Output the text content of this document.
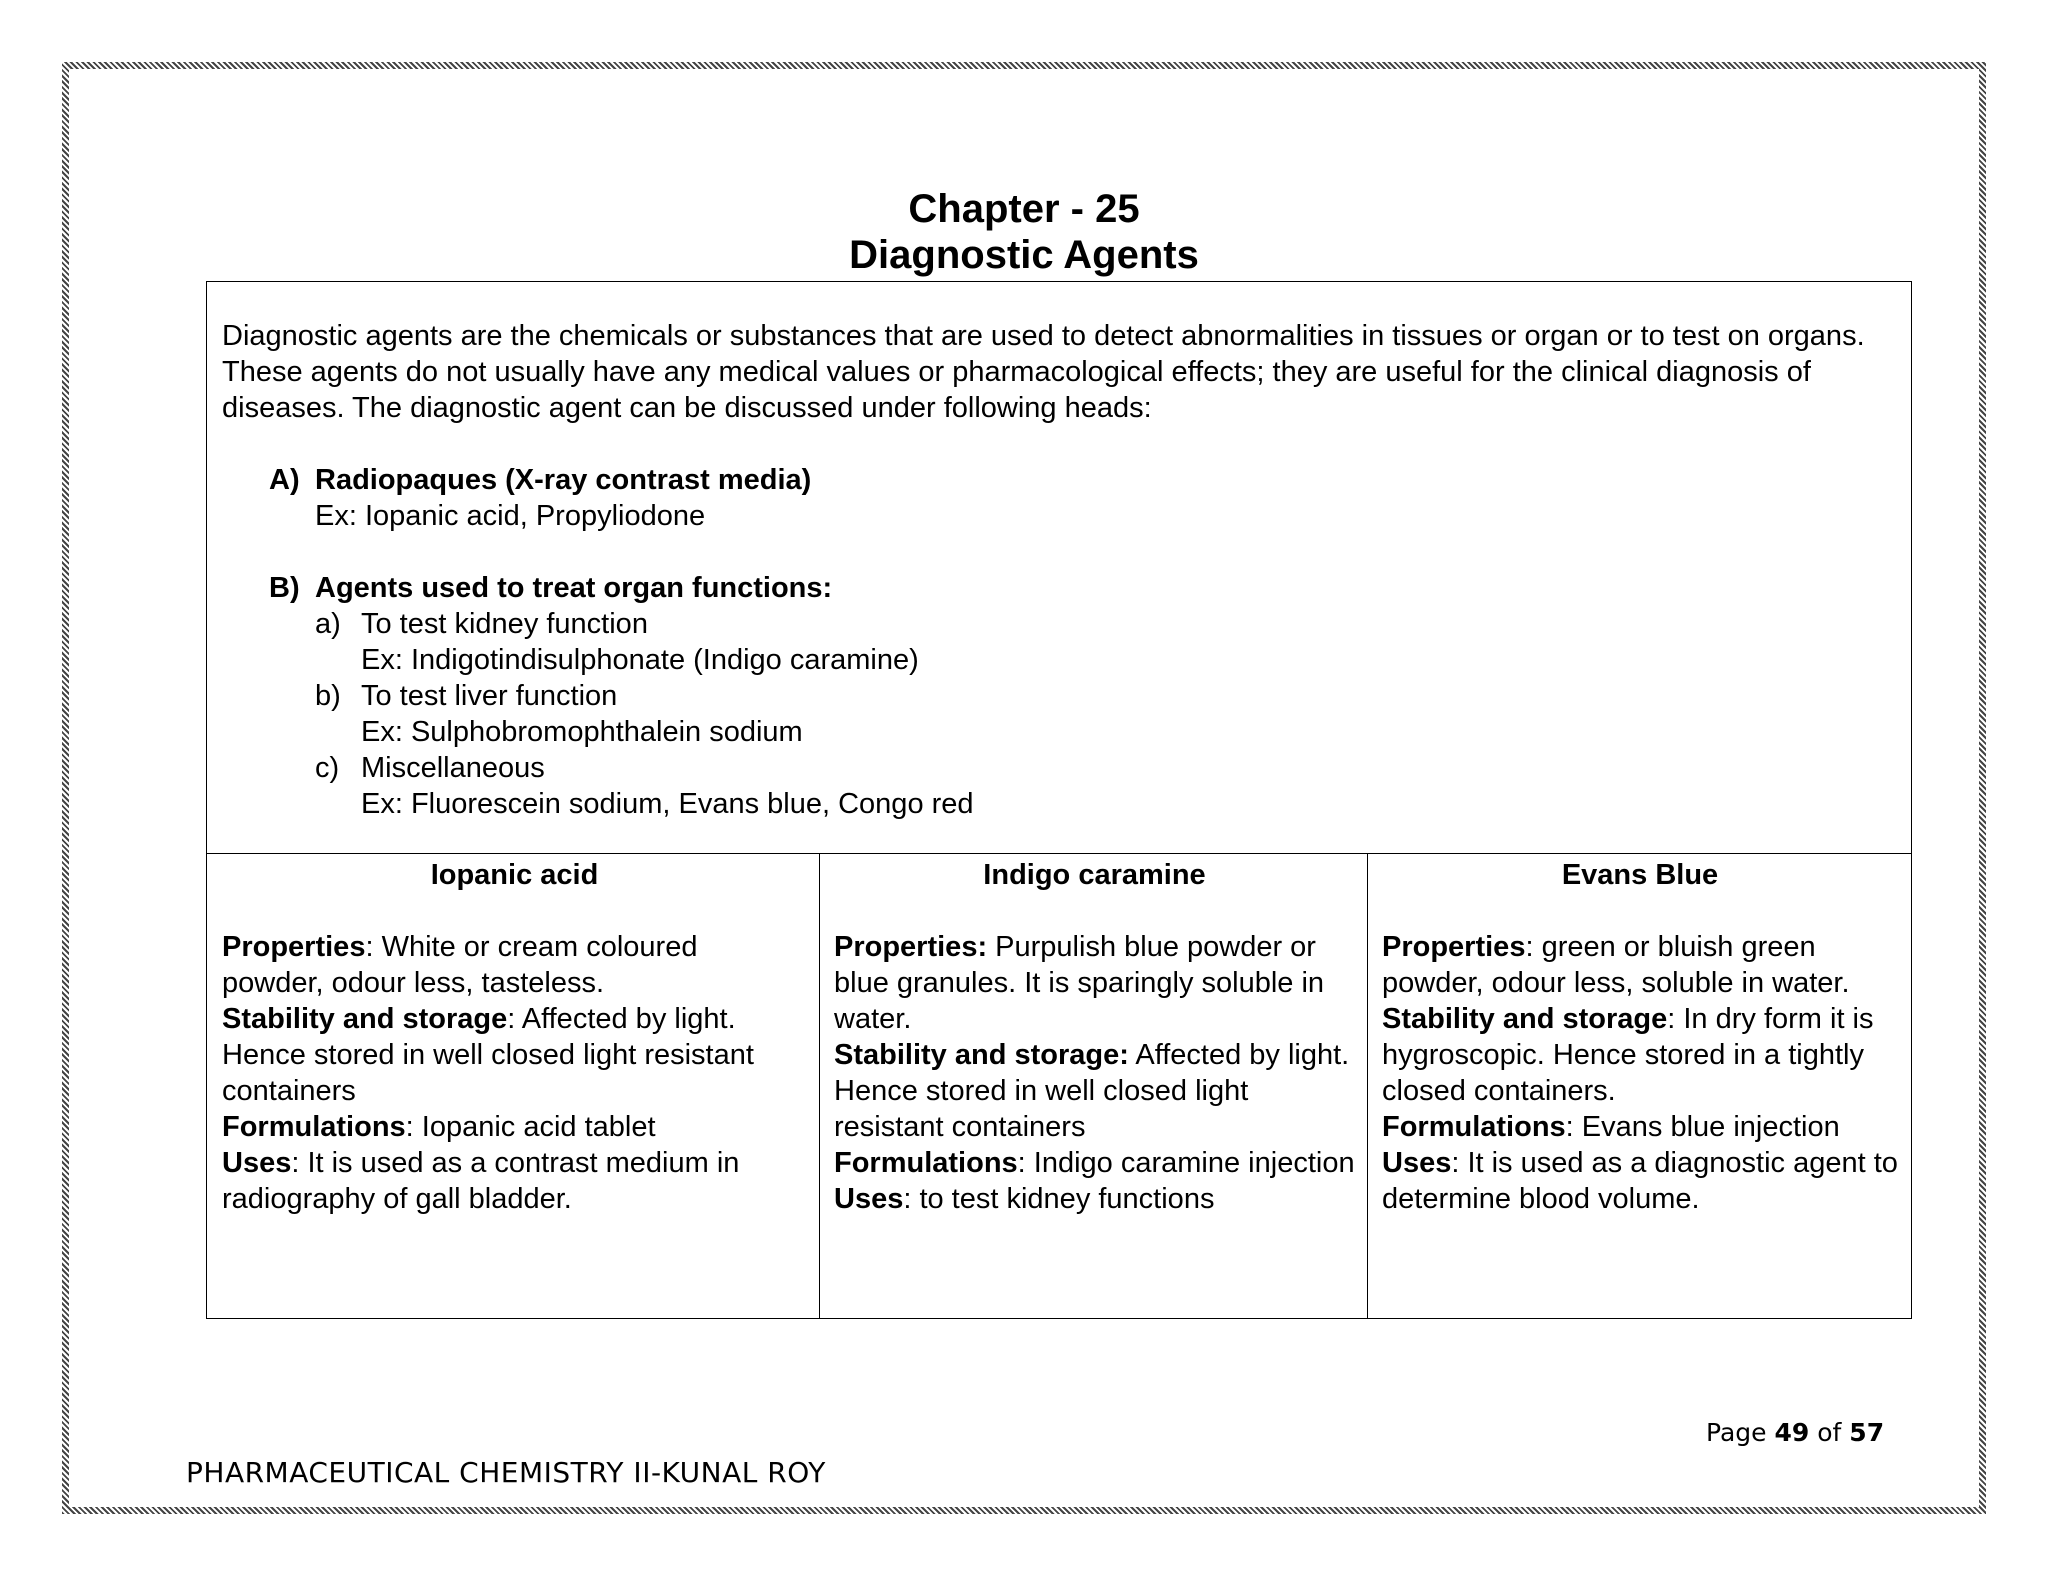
Chapter - 25
Diagnostic Agents

Diagnostic agents are the chemicals or substances that are used to detect abnormalities in tissues or organ or to test on organs. These agents do not usually have any medical values or pharmacological effects; they are useful for the clinical diagnosis of diseases. The diagnostic agent can be discussed under following heads:

A) Radiopaques (X-ray contrast media)
Ex: Iopanic acid, Propyliodone
B) Agents used to treat organ functions:
a) To test kidney function
Ex: Indigotindisulphonate (Indigo caramine)
b) To test liver function
Ex: Sulphobromophthalein sodium
c) Miscellaneous
Ex: Fluorescein sodium, Evans blue, Congo red
Iopanic acid

Properties: White or cream coloured powder, odour less, tasteless.

Stability and storage: Affected by light. Hence stored in well closed light resistant containers

Formulations: Iopanic acid tablet

Uses: It is used as a contrast medium in radiography of gall bladder.

Indigo caramine

Properties: Purpulish blue powder or blue granules. It is sparingly soluble in water.

Stability and storage: Affected by light. Hence stored in well closed light resistant containers

Formulations: Indigo caramine injection

Uses: to test kidney functions

Evans Blue

Properties: green or bluish green powder, odour less, soluble in water.

Stability and storage: In dry form it is hygroscopic. Hence stored in a tightly closed containers.

Formulations: Evans blue injection

Uses: It is used as a diagnostic agent to determine blood volume.

Page 49 of 57
PHARMACEUTICAL CHEMISTRY II-KUNAL ROY
